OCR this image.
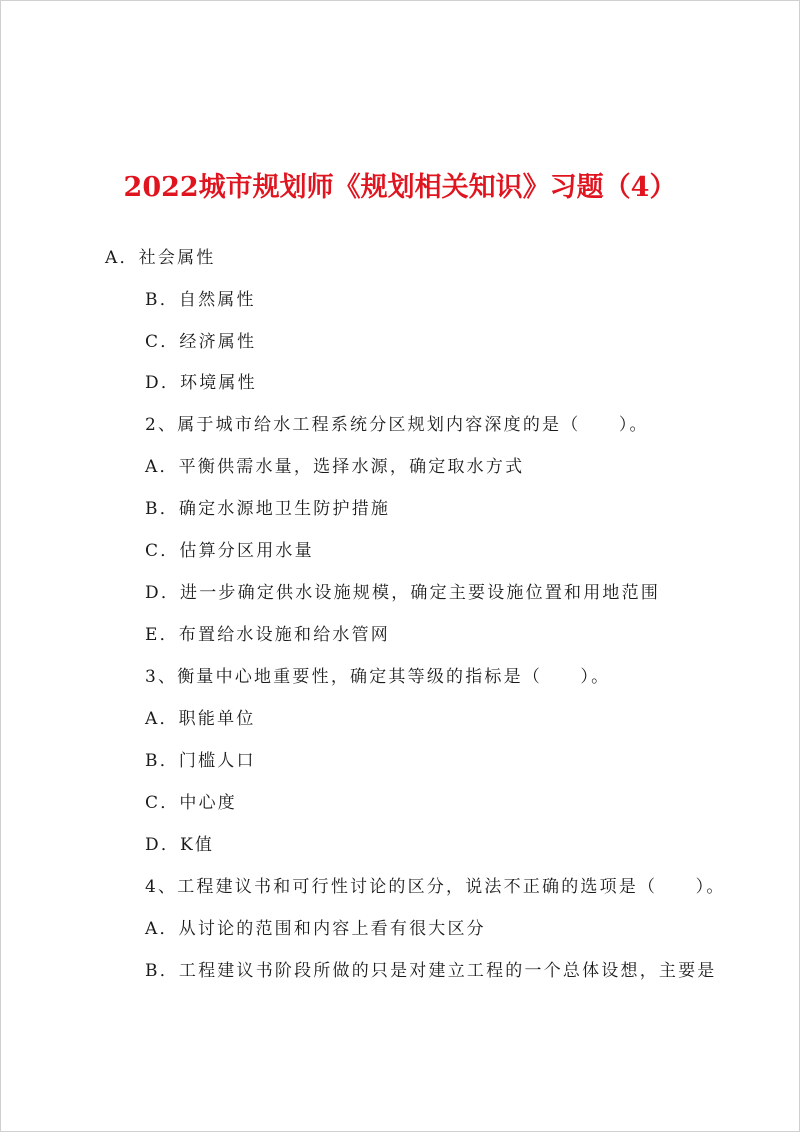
2022城市规划师《规划相关知识》习题（4）

A．社会属性

B．自然属性

C．经济属性

D．环境属性

2、属于城市给水工程系统分区规划内容深度的是（　　）。

A．平衡供需水量，选择水源，确定取水方式

B．确定水源地卫生防护措施

C．估算分区用水量

D．进一步确定供水设施规模，确定主要设施位置和用地范围

E．布置给水设施和给水管网

3、衡量中心地重要性，确定其等级的指标是（　　）。

A．职能单位

B．门槛人口

C．中心度

D．K值

4、工程建议书和可行性讨论的区分，说法不正确的选项是（　　）。

A．从讨论的范围和内容上看有很大区分

B．工程建议书阶段所做的只是对建立工程的一个总体设想，主要是
